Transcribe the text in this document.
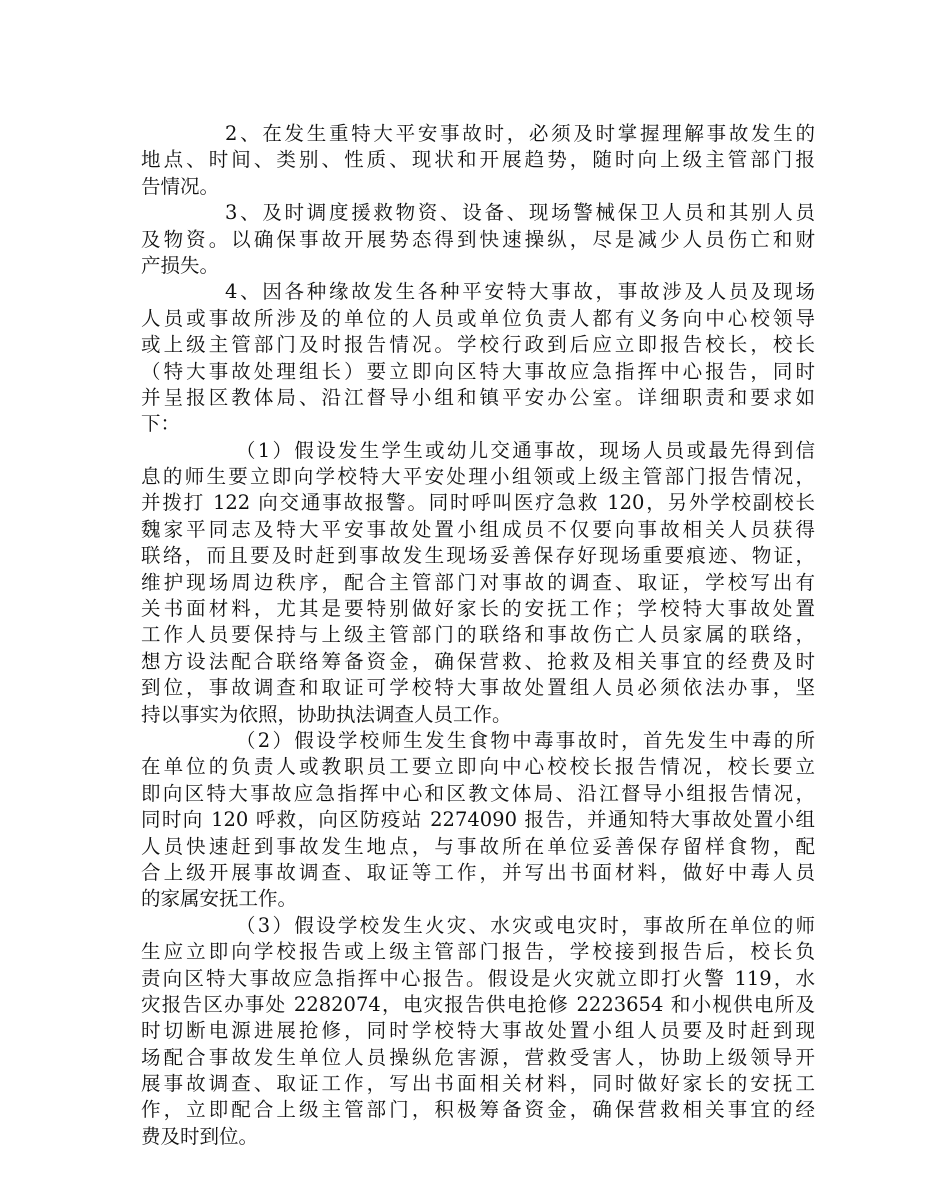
2、在发生重特大平安事故时，必须及时掌握理解事故发生的
地点、时间、类别、性质、现状和开展趋势，随时向上级主管部门报
告情况。
3、及时调度援救物资、设备、现场警械保卫人员和其别人员
及物资。以确保事故开展势态得到快速操纵，尽是减少人员伤亡和财
产损失。
4、因各种缘故发生各种平安特大事故，事故涉及人员及现场
人员或事故所涉及的单位的人员或单位负责人都有义务向中心校领导
或上级主管部门及时报告情况。学校行政到后应立即报告校长，校长
（特大事故处理组长）要立即向区特大事故应急指挥中心报告，同时
并呈报区教体局、沿江督导小组和镇平安办公室。详细职责和要求如
下：
（1）假设发生学生或幼儿交通事故，现场人员或最先得到信
息的师生要立即向学校特大平安处理小组领或上级主管部门报告情况，
并拨打 122 向交通事故报警。同时呼叫医疗急救 120，另外学校副校长
魏家平同志及特大平安事故处置小组成员不仅要向事故相关人员获得
联络，而且要及时赶到事故发生现场妥善保存好现场重要痕迹、物证，
维护现场周边秩序，配合主管部门对事故的调查、取证，学校写出有
关书面材料，尤其是要特别做好家长的安抚工作；学校特大事故处置
工作人员要保持与上级主管部门的联络和事故伤亡人员家属的联络，
想方设法配合联络筹备资金，确保营救、抢救及相关事宜的经费及时
到位，事故调查和取证可学校特大事故处置组人员必须依法办事，坚
持以事实为依照，协助执法调查人员工作。
（2）假设学校师生发生食物中毒事故时，首先发生中毒的所
在单位的负责人或教职员工要立即向中心校校长报告情况，校长要立
即向区特大事故应急指挥中心和区教文体局、沿江督导小组报告情况，
同时向 120 呼救，向区防疫站 2274090 报告，并通知特大事故处置小组
人员快速赶到事故发生地点，与事故所在单位妥善保存留样食物，配
合上级开展事故调查、取证等工作，并写出书面材料，做好中毒人员
的家属安抚工作。
（3）假设学校发生火灾、水灾或电灾时，事故所在单位的师
生应立即向学校报告或上级主管部门报告，学校接到报告后，校长负
责向区特大事故应急指挥中心报告。假设是火灾就立即打火警 119，水
灾报告区办事处 2282074，电灾报告供电抢修 2223654 和小枧供电所及
时切断电源进展抢修，同时学校特大事故处置小组人员要及时赶到现
场配合事故发生单位人员操纵危害源，营救受害人，协助上级领导开
展事故调查、取证工作，写出书面相关材料，同时做好家长的安抚工
作，立即配合上级主管部门，积极筹备资金，确保营救相关事宜的经
费及时到位。
